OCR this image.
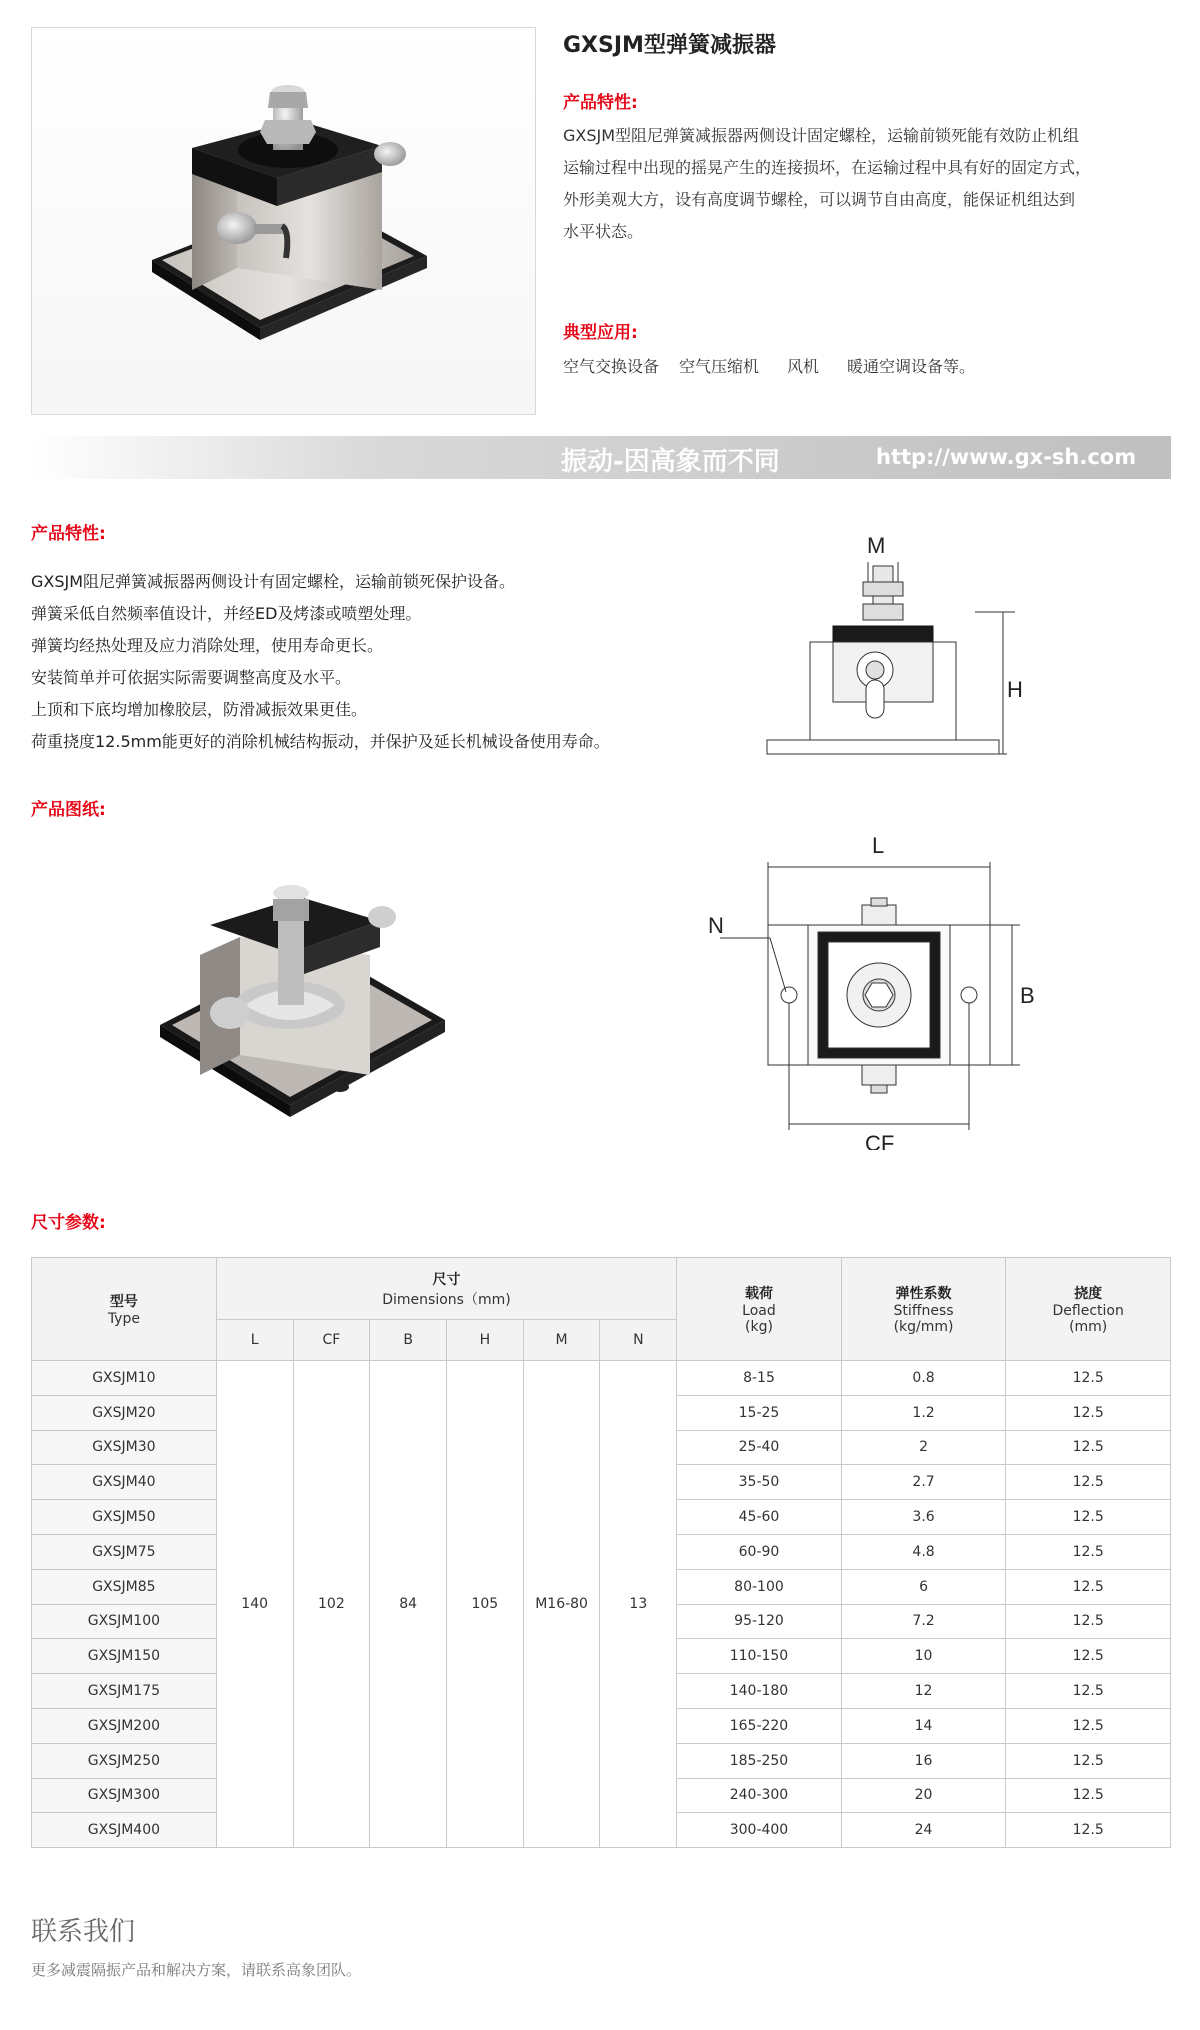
GXSJM型弹簧减振器
产品特性:
GXSJM型阻尼弹簧减振器两侧设计固定螺栓，运输前锁死能有效防止机组
运输过程中出现的摇晃产生的连接损坏，在运输过程中具有好的固定方式，
外形美观大方，设有高度调节螺栓，可以调节自由高度，能保证机组达到
水平状态。
典型应用:
空气交换设备 空气压缩机 风机 暖通空调设备等。
振动-因高象而不同	http://www.gx-sh.com
产品特性:
GXSJM阻尼弹簧减振器两侧设计有固定螺栓，运输前锁死保护设备。
弹簧采低自然频率值设计，并经ED及烤漆或喷塑处理。
弹簧均经热处理及应力消除处理，使用寿命更长。
安装简单并可依据实际需要调整高度及水平。
上顶和下底均增加橡胶层，防滑减振效果更佳。
荷重挠度12.5mm能更好的消除机械结构振动，并保护及延长机械设备使用寿命。
M
H
产品图纸:
L
N
B
CF
尺寸参数:
型号
Type	尺寸
Dimensions（mm)						载荷
Load
(kg)	弹性系数
Stiffness
(kg/mm)	挠度
Deflection
(mm)

	L	CF	B	H	M	N			
GXSJM10	140	102	84	105	M16-80	13	8-15	0.8	12.5
GXSJM20							15-25	1.2	12.5
GXSJM30							25-40	2	12.5
GXSJM40							35-50	2.7	12.5
GXSJM50							45-60	3.6	12.5
GXSJM75							60-90	4.8	12.5
GXSJM85							80-100	6	12.5
GXSJM100							95-120	7.2	12.5
GXSJM150							110-150	10	12.5
GXSJM175							140-180	12	12.5
GXSJM200							165-220	14	12.5
GXSJM250							185-250	16	12.5
GXSJM300							240-300	20	12.5
GXSJM400							300-400	24	12.5
联系我们
更多减震隔振产品和解决方案，请联系高象团队。
